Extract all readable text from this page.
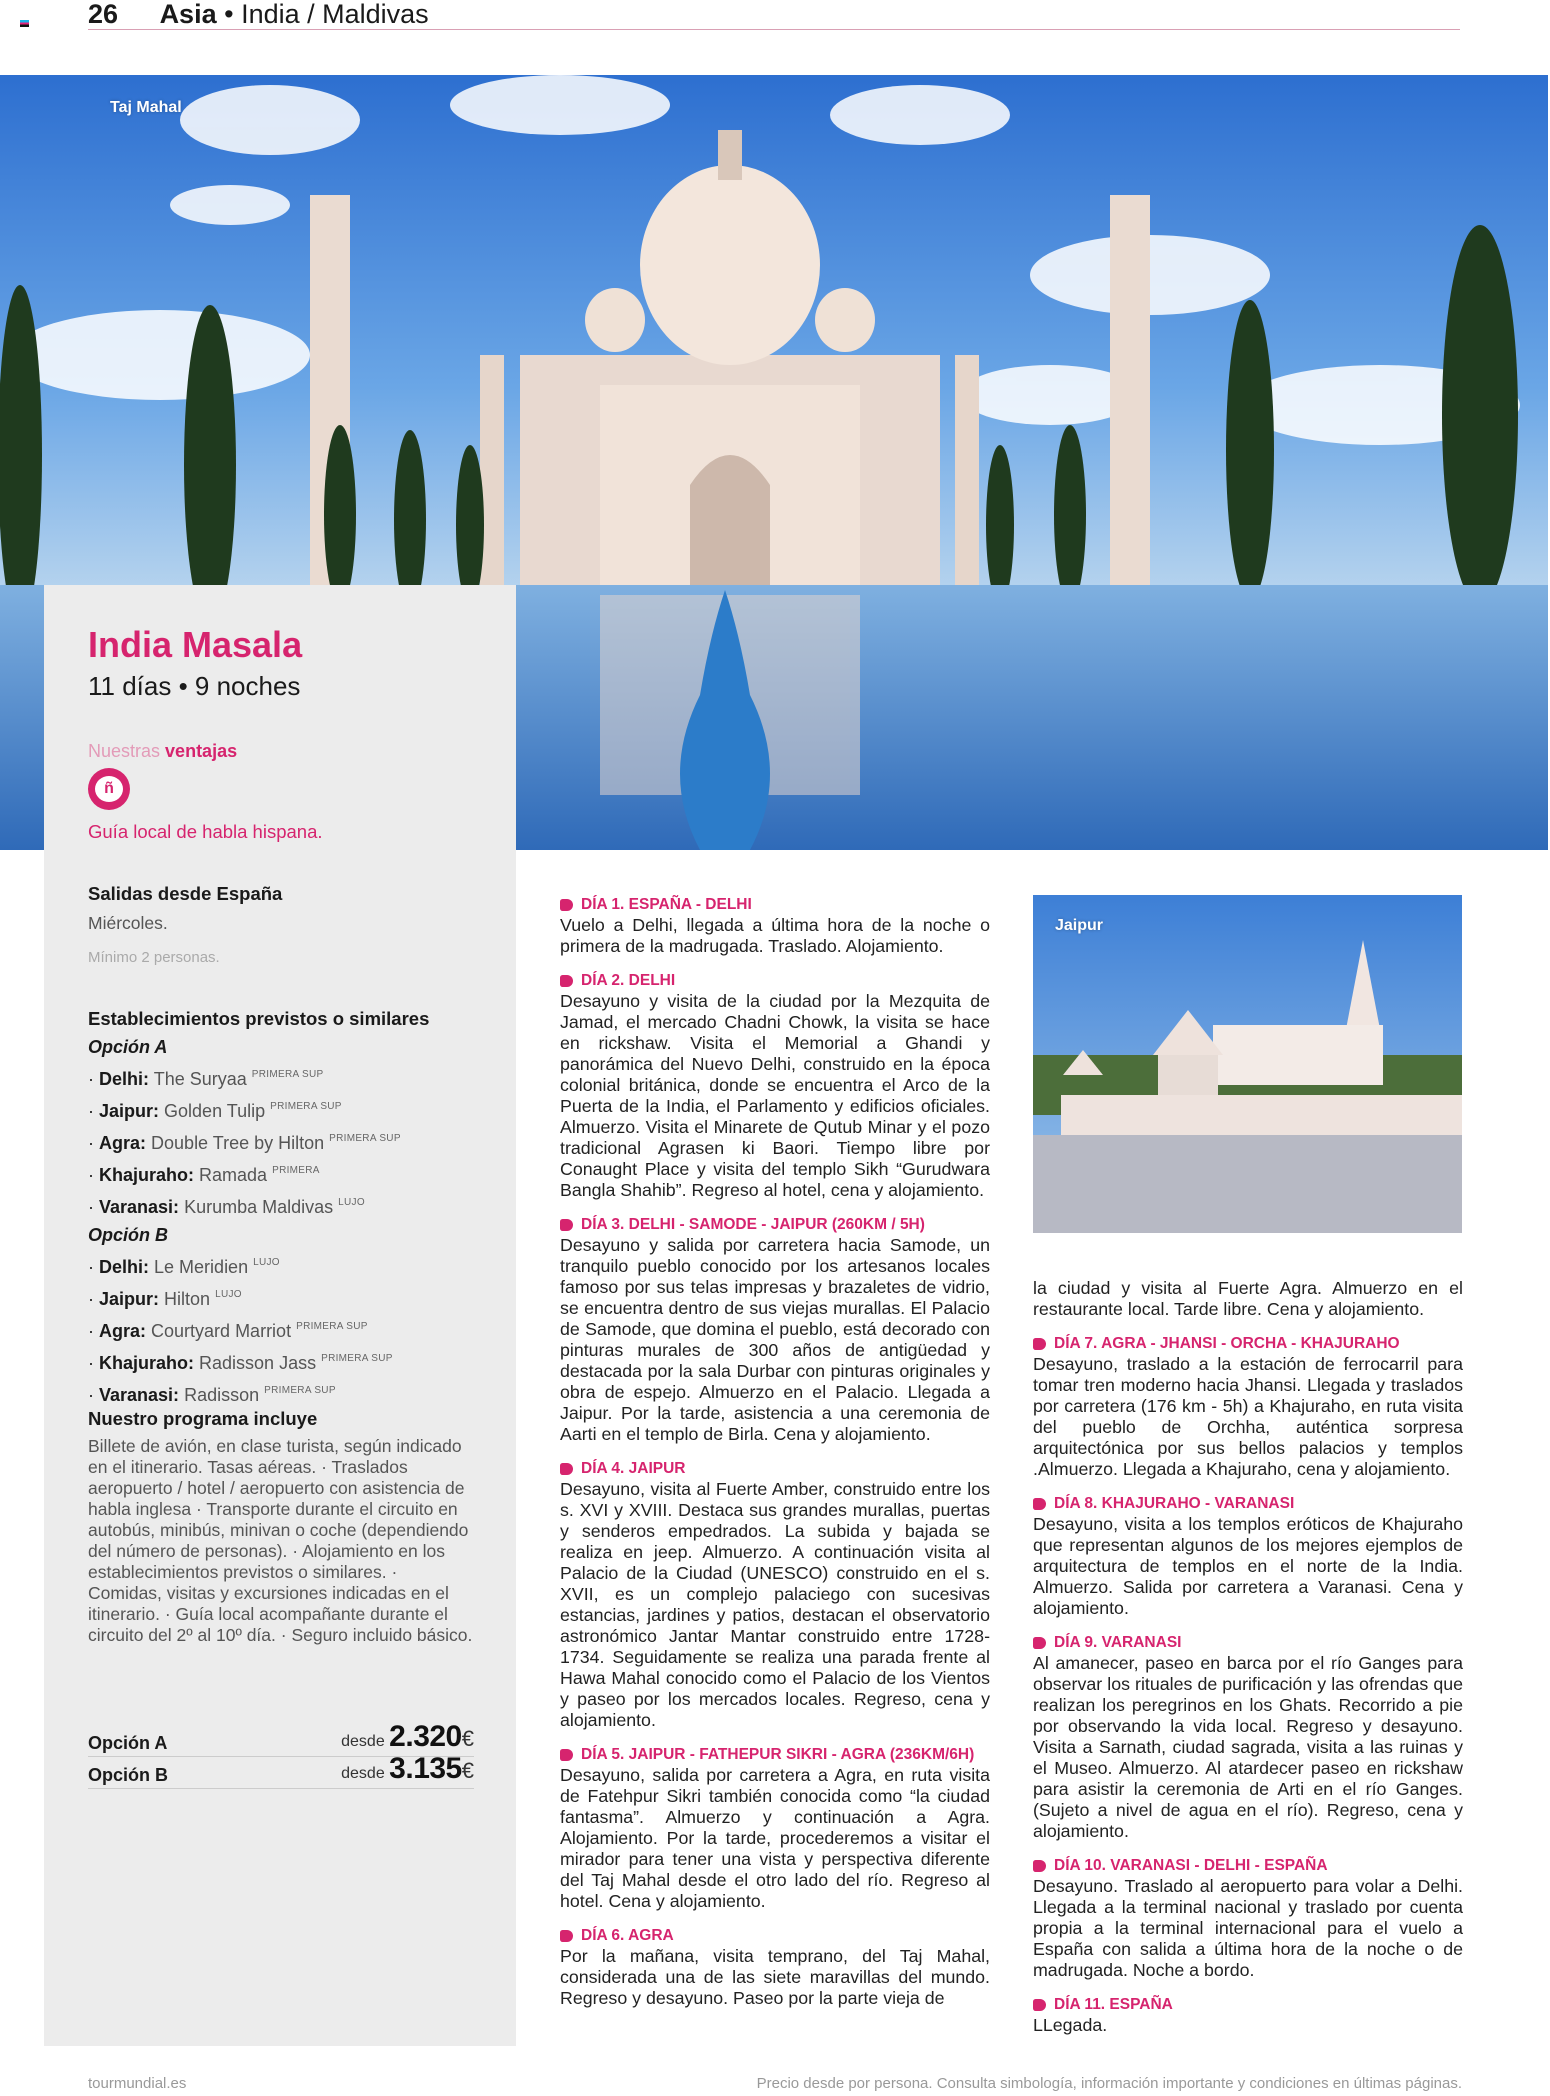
26 Asia • India / Maldivas
Taj Mahal
India Masala
11 días • 9 noches
Nuestras ventajas
ñ
Guía local de habla hispana.
Salidas desde España
Miércoles.
Mínimo 2 personas.
Establecimientos previstos o similares
Opción A
· Delhi: The Suryaa $^{PRIMERA SUP}$
· Jaipur: Golden Tulip $^{PRIMERA SUP}$
· Agra: Double Tree by Hilton $^{PRIMERA SUP}$
· Khajuraho: Ramada $^{PRIMERA}$
· Varanasi: Kurumba Maldivas $^{LUJO}$
Opción B
· Delhi: Le Meridien $^{LUJO}$
· Jaipur: Hilton $^{LUJO}$
· Agra: Courtyard Marriot $^{PRIMERA SUP}$
· Khajuraho: Radisson Jass $^{PRIMERA SUP}$
· Varanasi: Radisson $^{PRIMERA SUP}$
Nuestro programa incluye
Billete de avión, en clase turista, según indicado en el itinerario. Tasas aéreas. · Traslados aeropuerto / hotel / aeropuerto con asistencia de habla inglesa · Transporte durante el circuito en autobús, minibús, minivan o coche (dependiendo del número de personas). · Alojamiento en los establecimientos previstos o similares. · Comidas, visitas y excursiones indicadas en el itinerario. · Guía local acompañante durante el circuito del 2º al 10º día. · Seguro incluido básico.
Opción A	desde 2.320€
Opción B	desde 3.135€
DÍA 1. ESPAÑA - DELHI
Vuelo a Delhi, llegada a última hora de la noche o primera de la madrugada. Traslado. Alojamiento.
DÍA 2. DELHI
Desayuno y visita de la ciudad por la Mezquita de Jamad, el mercado Chadni Chowk, la visita se hace en rickshaw. Visita el Memorial a Ghandi y panorámica del Nuevo Delhi, construido en la época colonial británica, donde se encuentra el Arco de la Puerta de la India, el Parlamento y edificios oficiales. Almuerzo. Visita el Minarete de Qutub Minar y el pozo tradicional Agrasen ki Baori. Tiempo libre por Conaught Place y visita del templo Sikh “Gurudwara Bangla Shahib”. Regreso al hotel, cena y alojamiento.
DÍA 3. DELHI - SAMODE - JAIPUR (260KM / 5H)
Desayuno y salida por carretera hacia Samode, un tranquilo pueblo conocido por los artesanos locales famoso por sus telas impresas y brazaletes de vidrio, se encuentra dentro de sus viejas murallas. El Palacio de Samode, que domina el pueblo, está decorado con pinturas murales de 300 años de antigüedad y destacada por la sala Durbar con pinturas originales y obra de espejo. Almuerzo en el Palacio. Llegada a Jaipur. Por la tarde, asistencia a una ceremonia de Aarti en el templo de Birla. Cena y alojamiento.
DÍA 4. JAIPUR
Desayuno, visita al Fuerte Amber, construido entre los s. XVI y XVIII. Destaca sus grandes murallas, puertas y senderos empedrados. La subida y bajada se realiza en jeep. Almuerzo. A continuación visita al Palacio de la Ciudad (UNESCO) construido en el s. XVII, es un complejo palaciego con sucesivas estancias, jardines y patios, destacan el observatorio astronómico Jantar Mantar construido entre 1728-1734. Seguidamente se realiza una parada frente al Hawa Mahal conocido como el Palacio de los Vientos y paseo por los mercados locales. Regreso, cena y alojamiento.
DÍA 5. JAIPUR - FATHEPUR SIKRI - AGRA (236KM/6H)
Desayuno, salida por carretera a Agra, en ruta visita de Fatehpur Sikri también conocida como “la ciudad fantasma”. Almuerzo y continuación a Agra. Alojamiento. Por la tarde, procederemos a visitar el mirador para tener una vista y perspectiva diferente del Taj Mahal desde el otro lado del río. Regreso al hotel. Cena y alojamiento.
DÍA 6. AGRA
Por la mañana, visita temprano, del Taj Mahal, considerada una de las siete maravillas del mundo. Regreso y desayuno. Paseo por la parte vieja de
Jaipur
la ciudad y visita al Fuerte Agra. Almuerzo en el restaurante local. Tarde libre. Cena y alojamiento.
DÍA 7. AGRA - JHANSI - ORCHA - KHAJURAHO
Desayuno, traslado a la estación de ferrocarril para tomar tren moderno hacia Jhansi. Llegada y traslados por carretera (176 km - 5h) a Khajuraho, en ruta visita del pueblo de Orchha, auténtica sorpresa arquitectónica por sus bellos palacios y templos .Almuerzo. Llegada a Khajuraho, cena y alojamiento.
DÍA 8. KHAJURAHO - VARANASI
Desayuno, visita a los templos eróticos de Khajuraho que representan algunos de los mejores ejemplos de arquitectura de templos en el norte de la India. Almuerzo. Salida por carretera a Varanasi. Cena y alojamiento.
DÍA 9. VARANASI
Al amanecer, paseo en barca por el río Ganges para observar los rituales de purificación y las ofrendas que realizan los peregrinos en los Ghats. Recorrido a pie por observando la vida local. Regreso y desayuno. Visita a Sarnath, ciudad sagrada, visita a las ruinas y el Museo. Almuerzo. Al atardecer paseo en rickshaw para asistir la ceremonia de Arti en el río Ganges. (Sujeto a nivel de agua en el río). Regreso, cena y alojamiento.
DÍA 10. VARANASI - DELHI - ESPAÑA
Desayuno. Traslado al aeropuerto para volar a Delhi. Llegada a la terminal nacional y traslado por cuenta propia a la terminal internacional para el vuelo a España con salida a última hora de la noche o de madrugada. Noche a bordo.
DÍA 11. ESPAÑA
LLegada.
tourmundial.es	Precio desde por persona. Consulta simbología, información importante y condiciones en últimas páginas.
